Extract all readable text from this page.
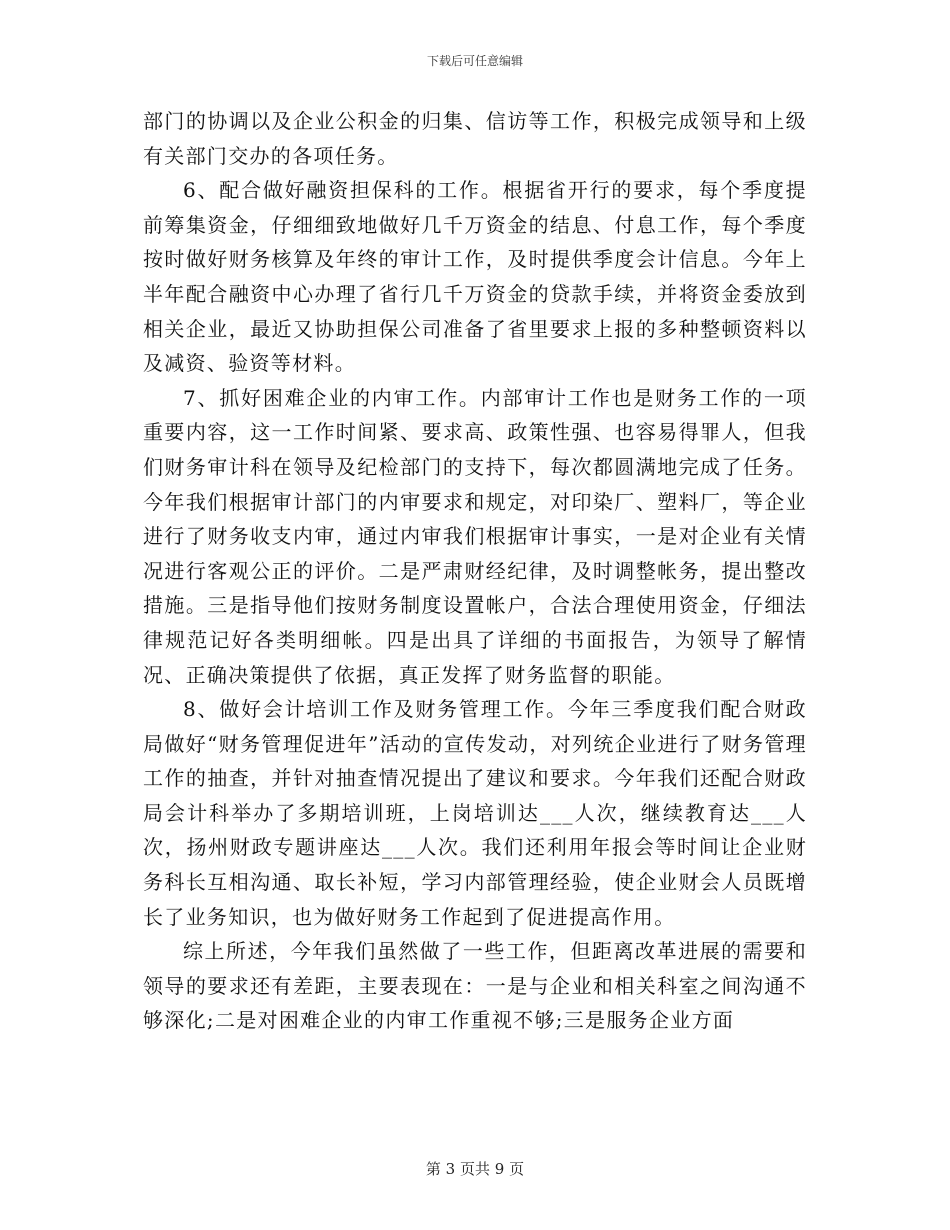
下载后可任意编辑

部门的协调以及企业公积金的归集、信访等工作，积极完成领导和上级有关部门交办的各项任务。

6、配合做好融资担保科的工作。根据省开行的要求，每个季度提前筹集资金，仔细细致地做好几千万资金的结息、付息工作，每个季度按时做好财务核算及年终的审计工作，及时提供季度会计信息。今年上半年配合融资中心办理了省行几千万资金的贷款手续，并将资金委放到相关企业，最近又协助担保公司准备了省里要求上报的多种整顿资料以及减资、验资等材料。

7、抓好困难企业的内审工作。内部审计工作也是财务工作的一项重要内容，这一工作时间紧、要求高、政策性强、也容易得罪人，但我们财务审计科在领导及纪检部门的支持下，每次都圆满地完成了任务。今年我们根据审计部门的内审要求和规定，对印染厂、塑料厂，等企业进行了财务收支内审，通过内审我们根据审计事实，一是对企业有关情况进行客观公正的评价。二是严肃财经纪律，及时调整帐务，提出整改措施。三是指导他们按财务制度设置帐户，合法合理使用资金，仔细法律规范记好各类明细帐。四是出具了详细的书面报告，为领导了解情况、正确决策提供了依据，真正发挥了财务监督的职能。

8、做好会计培训工作及财务管理工作。今年三季度我们配合财政局做好“财务管理促进年”活动的宣传发动，对列统企业进行了财务管理工作的抽查，并针对抽查情况提出了建议和要求。今年我们还配合财政局会计科举办了多期培训班，上岗培训达___人次，继续教育达___人次，扬州财政专题讲座达___人次。我们还利用年报会等时间让企业财务科长互相沟通、取长补短，学习内部管理经验，使企业财会人员既增长了业务知识，也为做好财务工作起到了促进提高作用。

综上所述，今年我们虽然做了一些工作，但距离改革进展的需要和领导的要求还有差距，主要表现在：一是与企业和相关科室之间沟通不够深化;二是对困难企业的内审工作重视不够;三是服务企业方面

第 3 页共 9 页
